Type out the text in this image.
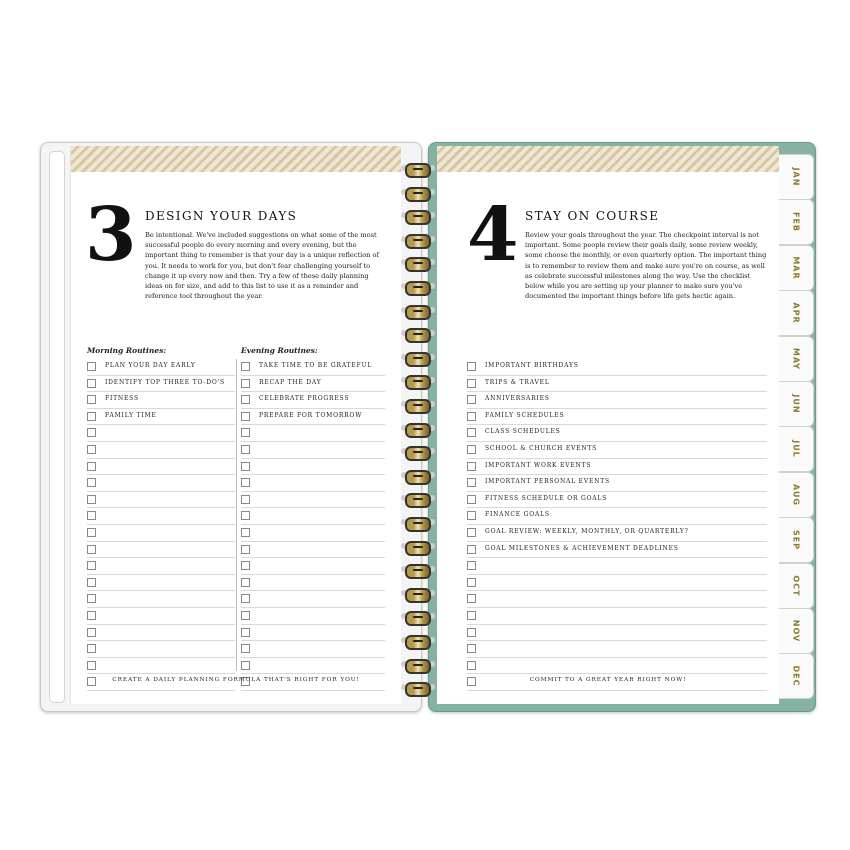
3 DESIGN YOUR DAYS
Be intentional. We've included suggestions on what some of the most successful people do every morning and every evening, but the important thing to remember is that your day is a unique reflection of you. It needs to work for you, but don't fear challenging yourself to change it up every now and then. Try a few of these daily planning ideas on for size, and add to this list to use it as a reminder and reference tool throughout the year.
Morning Routines:	Evening Routines:
PLAN YOUR DAY EARLY
IDENTIFY TOP THREE TO-DO'S
FITNESS
FAMILY TIME
TAKE TIME TO BE GRATEFUL
RECAP THE DAY
CELEBRATE PROGRESS
PREPARE FOR TOMORROW
CREATE A DAILY PLANNING FORMULA THAT'S RIGHT FOR YOU!
4 STAY ON COURSE
Review your goals throughout the year. The checkpoint interval is not important. Some people review their goals daily, some review weekly, some choose the monthly, or even quarterly option. The important thing is to remember to review them and make sure you're on course, as well as celebrate successful milestones along the way. Use the checklist below while you are setting up your planner to make sure you've documented the important things before life gets hectic again.
IMPORTANT BIRTHDAYS
TRIPS & TRAVEL
ANNIVERSARIES
FAMILY SCHEDULES
CLASS SCHEDULES
SCHOOL & CHURCH EVENTS
IMPORTANT WORK EVENTS
IMPORTANT PERSONAL EVENTS
FITNESS SCHEDULE OR GOALS
FINANCE GOALS
GOAL REVIEW: WEEKLY, MONTHLY, OR QUARTERLY?
GOAL MILESTONES & ACHIEVEMENT DEADLINES
COMMIT TO A GREAT YEAR RIGHT NOW!
JAN
FEB
MAR
APR
MAY
JUN
JUL
AUG
SEP
OCT
NOV
DEC
